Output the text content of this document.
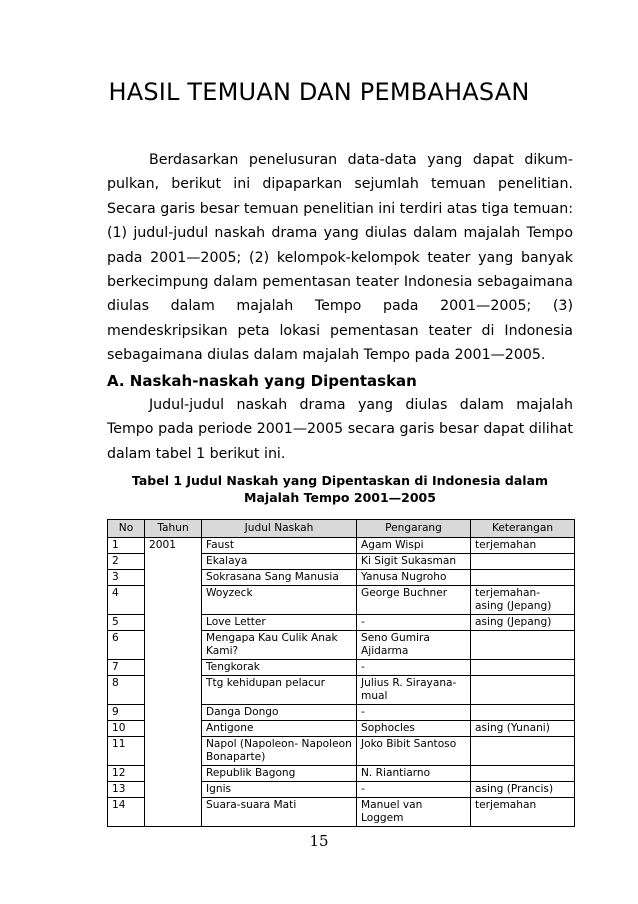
HASIL TEMUAN DAN PEMBAHASAN
Berdasarkan penelusuran data-data yang dapat dikum- pulkan, berikut ini dipaparkan sejumlah temuan penelitian. Secara garis besar temuan penelitian ini terdiri atas tiga temuan: (1) judul-judul naskah drama yang diulas dalam majalah Tempo pada 2001—2005; (2) kelompok-kelompok teater yang banyak berkecimpung dalam pementasan teater Indonesia sebagaimana diulas dalam majalah Tempo pada 2001—2005; (3) mendeskripsikan peta lokasi pementasan teater di Indonesia sebagaimana diulas dalam majalah Tempo pada 2001—2005.
A. Naskah-naskah yang Dipentaskan
Judul-judul naskah drama yang diulas dalam majalah Tempo pada periode 2001—2005 secara garis besar dapat dilihat dalam tabel 1 berikut ini.
Tabel 1 Judul Naskah yang Dipentaskan di Indonesia dalam
Majalah Tempo 2001—2005
No	Tahun	Judul Naskah	Pengarang	Keterangan
1	2001	Faust	Agam Wispi	terjemahan
2		Ekalaya	Ki Sigit Sukasman	
3		Sokrasana Sang Manusia	Yanusa Nugroho	
4		Woyzeck	George Buchner	terjemahan- asing (Jepang)
5		Love Letter	-	asing (Jepang)
6		Mengapa Kau Culik Anak Kami?	Seno Gumira Ajidarma	
7		Tengkorak	-	
8		Ttg kehidupan pelacur	Julius R. Sirayana- mual	
9		Danga Dongo	-	
10		Antigone	Sophocles	asing (Yunani)
11		Napol (Napoleon- Napoleon Bonaparte)	Joko Bibit Santoso	
12		Republik Bagong	N. Riantiarno	
13		Ignis	-	asing (Prancis)
14		Suara-suara Mati	Manuel van Loggem	terjemahan
15
